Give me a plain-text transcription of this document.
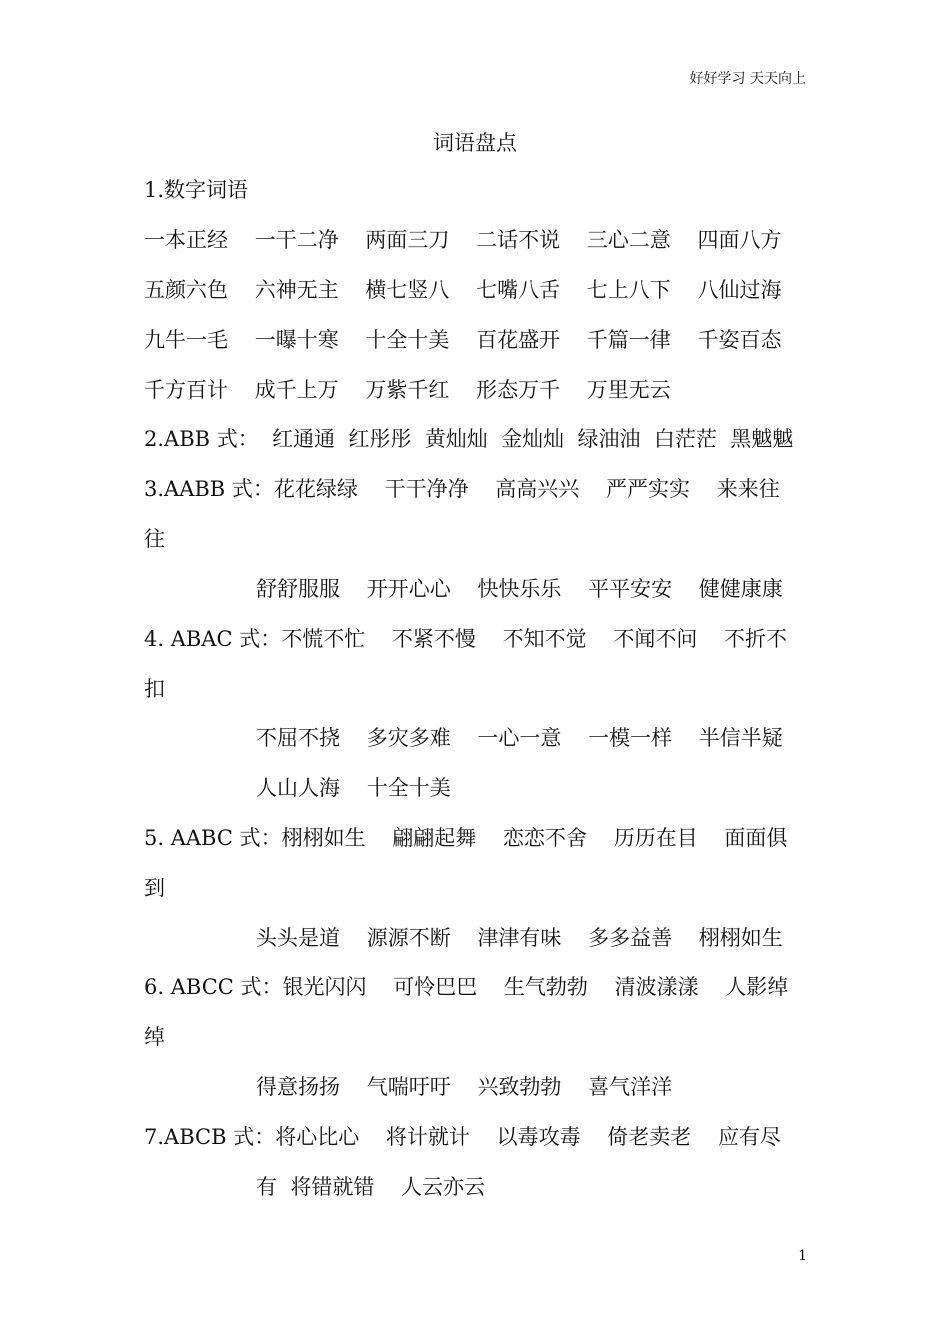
好好学习 天天向上
词语盘点
1.数字词语
一本正经    一干二净    两面三刀    二话不说    三心二意    四面八方
五颜六色    六神无主    横七竖八    七嘴八舌    七上八下    八仙过海
九牛一毛    一曝十寒    十全十美    百花盛开    千篇一律    千姿百态
千方百计    成千上万    万紫千红    形态万千    万里无云
2.ABB 式：  红通通  红彤彤  黄灿灿  金灿灿  绿油油  白茫茫  黑魆魆
3.AABB 式：花花绿绿    干干净净    高高兴兴    严严实实    来来往
往
舒舒服服    开开心心    快快乐乐    平平安安    健健康康
4. ABAC 式：不慌不忙    不紧不慢    不知不觉    不闻不问    不折不
扣
不屈不挠    多灾多难    一心一意    一模一样    半信半疑
人山人海    十全十美
5. AABC 式：栩栩如生    翩翩起舞    恋恋不舍    历历在目    面面俱
到
头头是道    源源不断    津津有味    多多益善    栩栩如生
6. ABCC 式：银光闪闪    可怜巴巴    生气勃勃    清波漾漾    人影绰
绰
得意扬扬    气喘吁吁    兴致勃勃    喜气洋洋
7.ABCB 式：将心比心    将计就计    以毒攻毒    倚老卖老    应有尽
有  将错就错    人云亦云
1
